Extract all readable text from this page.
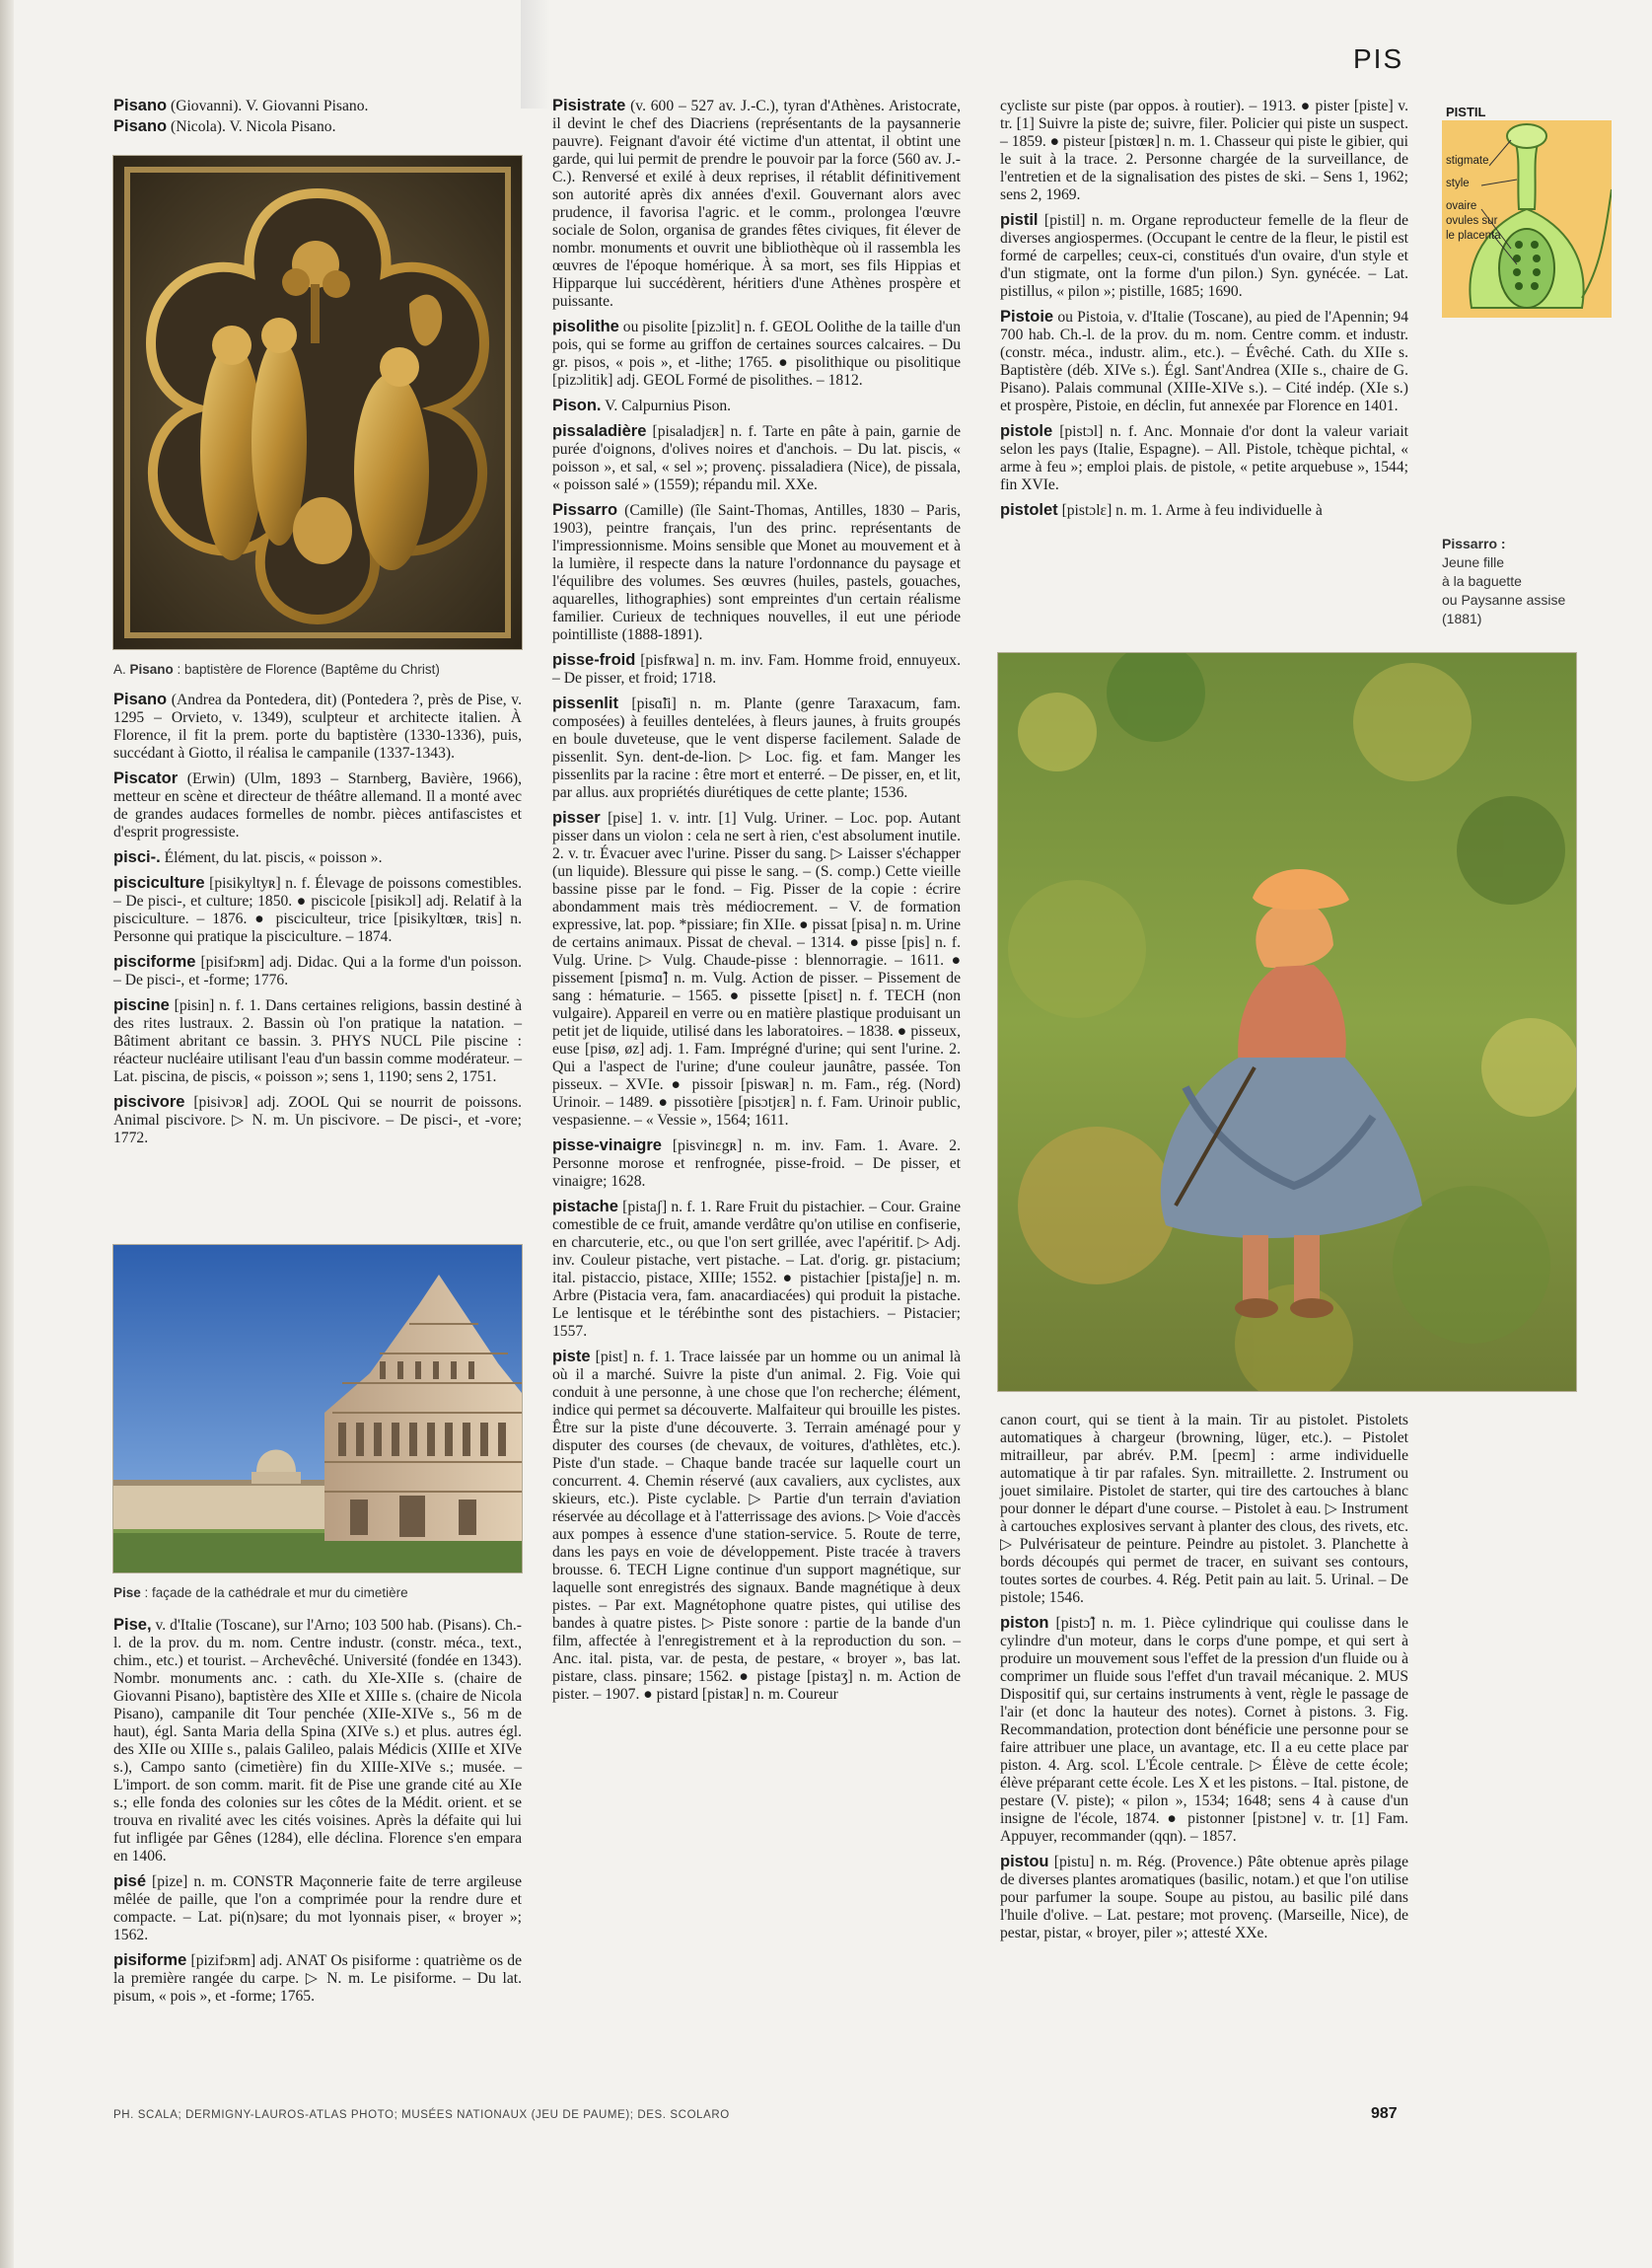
PIS

Pisano (Giovanni). V. Giovanni Pisano.

Pisano (Nicola). V. Nicola Pisano.

A. Pisano : baptistère de Florence (Baptême du Christ)

Pisano (Andrea da Pontedera, dit) (Pontedera ?, près de Pise, v. 1295 – Orvieto, v. 1349), sculpteur et architecte italien. À Florence, il fit la prem. porte du baptistère (1330-1336), puis, succédant à Giotto, il réalisa le campanile (1337-1343).

Piscator (Erwin) (Ulm, 1893 – Starnberg, Bavière, 1966), metteur en scène et directeur de théâtre allemand. Il a monté avec de grandes audaces formelles de nombr. pièces antifascistes et d'esprit progressiste.

pisci-. Élément, du lat. piscis, « poisson ».

pisciculture [pisikyltyʀ] n. f. Élevage de poissons comestibles. – De pisci-, et culture; 1850. ● piscicole [pisikɔl] adj. Relatif à la pisciculture. – 1876. ● pisciculteur, trice [pisikyltœʀ, tʀis] n. Personne qui pratique la pisciculture. – 1874.

pisciforme [pisifɔʀm] adj. Didac. Qui a la forme d'un poisson. – De pisci-, et -forme; 1776.

piscine [pisin] n. f. 1. Dans certaines religions, bassin destiné à des rites lustraux. 2. Bassin où l'on pratique la natation. – Bâtiment abritant ce bassin. 3. PHYS NUCL Pile piscine : réacteur nucléaire utilisant l'eau d'un bassin comme modérateur. – Lat. piscina, de piscis, « poisson »; sens 1, 1190; sens 2, 1751.

piscivore [pisivɔʀ] adj. ZOOL Qui se nourrit de poissons. Animal piscivore. ▷ N. m. Un piscivore. – De pisci-, et -vore; 1772.

Pise : façade de la cathédrale et mur du cimetière

Pise, v. d'Italie (Toscane), sur l'Arno; 103 500 hab. (Pisans). Ch.-l. de la prov. du m. nom. Centre industr. (constr. méca., text., chim., etc.) et tourist. – Archevêché. Université (fondée en 1343). Nombr. monuments anc. : cath. du XIe-XIIe s. (chaire de Giovanni Pisano), baptistère des XIIe et XIIIe s. (chaire de Nicola Pisano), campanile dit Tour penchée (XIIe-XIVe s., 56 m de haut), égl. Santa Maria della Spina (XIVe s.) et plus. autres égl. des XIIe ou XIIIe s., palais Galileo, palais Médicis (XIIIe et XIVe s.), Campo santo (cimetière) fin du XIIIe-XIVe s.; musée. – L'import. de son comm. marit. fit de Pise une grande cité au XIe s.; elle fonda des colonies sur les côtes de la Médit. orient. et se trouva en rivalité avec les cités voisines. Après la défaite qui lui fut infligée par Gênes (1284), elle déclina. Florence s'en empara en 1406.

pisé [pize] n. m. CONSTR Maçonnerie faite de terre argileuse mêlée de paille, que l'on a comprimée pour la rendre dure et compacte. – Lat. pi(n)sare; du mot lyonnais piser, « broyer »; 1562.

pisiforme [pizifɔʀm] adj. ANAT Os pisiforme : quatrième os de la première rangée du carpe. ▷ N. m. Le pisiforme. – Du lat. pisum, « pois », et -forme; 1765.

Pisistrate (v. 600 – 527 av. J.-C.), tyran d'Athènes. Aristocrate, il devint le chef des Diacriens (représentants de la paysannerie pauvre). Feignant d'avoir été victime d'un attentat, il obtint une garde, qui lui permit de prendre le pouvoir par la force (560 av. J.-C.). Renversé et exilé à deux reprises, il rétablit définitivement son autorité après dix années d'exil. Gouvernant alors avec prudence, il favorisa l'agric. et le comm., prolongea l'œuvre sociale de Solon, organisa de grandes fêtes civiques, fit élever de nombr. monuments et ouvrit une bibliothèque où il rassembla les œuvres de l'époque homérique. À sa mort, ses fils Hippias et Hipparque lui succédèrent, héritiers d'une Athènes prospère et puissante.

pisolithe ou pisolite [pizɔlit] n. f. GEOL Oolithe de la taille d'un pois, qui se forme au griffon de certaines sources calcaires. – Du gr. pisos, « pois », et -lithe; 1765. ● pisolithique ou pisolitique [pizɔlitik] adj. GEOL Formé de pisolithes. – 1812.

Pison. V. Calpurnius Pison.

pissaladière [pisaladjɛʀ] n. f. Tarte en pâte à pain, garnie de purée d'oignons, d'olives noires et d'anchois. – Du lat. piscis, « poisson », et sal, « sel »; provenç. pissaladiera (Nice), de pissala, « poisson salé » (1559); répandu mil. XXe.

Pissarro (Camille) (île Saint-Thomas, Antilles, 1830 – Paris, 1903), peintre français, l'un des princ. représentants de l'impressionnisme. Moins sensible que Monet au mouvement et à la lumière, il respecte dans la nature l'ordonnance du paysage et l'équilibre des volumes. Ses œuvres (huiles, pastels, gouaches, aquarelles, lithographies) sont empreintes d'un certain réalisme familier. Curieux de techniques nouvelles, il eut une période pointilliste (1888-1891).

pisse-froid [pisfʀwa] n. m. inv. Fam. Homme froid, ennuyeux. – De pisser, et froid; 1718.

pissenlit [pisɑ̃li] n. m. Plante (genre Taraxacum, fam. composées) à feuilles dentelées, à fleurs jaunes, à fruits groupés en boule duveteuse, que le vent disperse facilement. Salade de pissenlit. Syn. dent-de-lion. ▷ Loc. fig. et fam. Manger les pissenlits par la racine : être mort et enterré. – De pisser, en, et lit, par allus. aux propriétés diurétiques de cette plante; 1536.

pisser [pise] 1. v. intr. [1] Vulg. Uriner. – Loc. pop. Autant pisser dans un violon : cela ne sert à rien, c'est absolument inutile. 2. v. tr. Évacuer avec l'urine. Pisser du sang. ▷ Laisser s'échapper (un liquide). Blessure qui pisse le sang. – (S. comp.) Cette vieille bassine pisse par le fond. – Fig. Pisser de la copie : écrire abondamment mais très médiocrement. – V. de formation expressive, lat. pop. *pissiare; fin XIIe. ● pissat [pisa] n. m. Urine de certains animaux. Pissat de cheval. – 1314. ● pisse [pis] n. f. Vulg. Urine. ▷ Vulg. Chaude-pisse : blennorragie. – 1611. ● pissement [pismɑ̃] n. m. Vulg. Action de pisser. – Pissement de sang : hématurie. – 1565. ● pissette [pisɛt] n. f. TECH (non vulgaire). Appareil en verre ou en matière plastique produisant un petit jet de liquide, utilisé dans les laboratoires. – 1838. ● pisseux, euse [pisø, øz] adj. 1. Fam. Imprégné d'urine; qui sent l'urine. 2. Qui a l'aspect de l'urine; d'une couleur jaunâtre, passée. Ton pisseux. – XVIe. ● pissoir [piswaʀ] n. m. Fam., rég. (Nord) Urinoir. – 1489. ● pissotière [pisɔtjɛʀ] n. f. Fam. Urinoir public, vespasienne. – « Vessie », 1564; 1611.

pisse-vinaigre [pisvinɛgʀ] n. m. inv. Fam. 1. Avare. 2. Personne morose et renfrognée, pisse-froid. – De pisser, et vinaigre; 1628.

pistache [pistaʃ] n. f. 1. Rare Fruit du pistachier. – Cour. Graine comestible de ce fruit, amande verdâtre qu'on utilise en confiserie, en charcuterie, etc., ou que l'on sert grillée, avec l'apéritif. ▷ Adj. inv. Couleur pistache, vert pistache. – Lat. d'orig. gr. pistacium; ital. pistaccio, pistace, XIIIe; 1552. ● pistachier [pistaʃje] n. m. Arbre (Pistacia vera, fam. anacardiacées) qui produit la pistache. Le lentisque et le térébinthe sont des pistachiers. – Pistacier; 1557.

piste [pist] n. f. 1. Trace laissée par un homme ou un animal là où il a marché. Suivre la piste d'un animal. 2. Fig. Voie qui conduit à une personne, à une chose que l'on recherche; élément, indice qui permet sa découverte. Malfaiteur qui brouille les pistes. Être sur la piste d'une découverte. 3. Terrain aménagé pour y disputer des courses (de chevaux, de voitures, d'athlètes, etc.). Piste d'un stade. – Chaque bande tracée sur laquelle court un concurrent. 4. Chemin réservé (aux cavaliers, aux cyclistes, aux skieurs, etc.). Piste cyclable. ▷ Partie d'un terrain d'aviation réservée au décollage et à l'atterrissage des avions. ▷ Voie d'accès aux pompes à essence d'une station-service. 5. Route de terre, dans les pays en voie de développement. Piste tracée à travers brousse. 6. TECH Ligne continue d'un support magnétique, sur laquelle sont enregistrés des signaux. Bande magnétique à deux pistes. – Par ext. Magnétophone quatre pistes, qui utilise des bandes à quatre pistes. ▷ Piste sonore : partie de la bande d'un film, affectée à l'enregistrement et à la reproduction du son. – Anc. ital. pista, var. de pesta, de pestare, « broyer », bas lat. pistare, class. pinsare; 1562. ● pistage [pistaʒ] n. m. Action de pister. – 1907. ● pistard [pistaʀ] n. m. Coureur

cycliste sur piste (par oppos. à routier). – 1913. ● pister [piste] v. tr. [1] Suivre la piste de; suivre, filer. Policier qui piste un suspect. – 1859. ● pisteur [pistœʀ] n. m. 1. Chasseur qui piste le gibier, qui le suit à la trace. 2. Personne chargée de la surveillance, de l'entretien et de la signalisation des pistes de ski. – Sens 1, 1962; sens 2, 1969.

pistil [pistil] n. m. Organe reproducteur femelle de la fleur de diverses angiospermes. (Occupant le centre de la fleur, le pistil est formé de carpelles; ceux-ci, constitués d'un ovaire, d'un style et d'un stigmate, ont la forme d'un pilon.) Syn. gynécée. – Lat. pistillus, « pilon »; pistille, 1685; 1690.

Pistoie ou Pistoia, v. d'Italie (Toscane), au pied de l'Apennin; 94 700 hab. Ch.-l. de la prov. du m. nom. Centre comm. et industr. (constr. méca., industr. alim., etc.). – Évêché. Cath. du XIIe s. Baptistère (déb. XIVe s.). Égl. Sant'Andrea (XIIe s., chaire de G. Pisano). Palais communal (XIIIe-XIVe s.). – Cité indép. (XIe s.) et prospère, Pistoie, en déclin, fut annexée par Florence en 1401.

pistole [pistɔl] n. f. Anc. Monnaie d'or dont la valeur variait selon les pays (Italie, Espagne). – All. Pistole, tchèque pichtal, « arme à feu »; emploi plais. de pistole, « petite arquebuse », 1544; fin XVIe.

pistolet [pistɔlɛ] n. m. 1. Arme à feu individuelle à

canon court, qui se tient à la main. Tir au pistolet. Pistolets automatiques à chargeur (browning, lüger, etc.). – Pistolet mitrailleur, par abrév. P.M. [peɛm] : arme individuelle automatique à tir par rafales. Syn. mitraillette. 2. Instrument ou jouet similaire. Pistolet de starter, qui tire des cartouches à blanc pour donner le départ d'une course. – Pistolet à eau. ▷ Instrument à cartouches explosives servant à planter des clous, des rivets, etc. ▷ Pulvérisateur de peinture. Peindre au pistolet. 3. Planchette à bords découpés qui permet de tracer, en suivant ses contours, toutes sortes de courbes. 4. Rég. Petit pain au lait. 5. Urinal. – De pistole; 1546.

piston [pistɔ̃] n. m. 1. Pièce cylindrique qui coulisse dans le cylindre d'un moteur, dans le corps d'une pompe, et qui sert à produire un mouvement sous l'effet de la pression d'un fluide ou à comprimer un fluide sous l'effet d'un travail mécanique. 2. MUS Dispositif qui, sur certains instruments à vent, règle le passage de l'air (et donc la hauteur des notes). Cornet à pistons. 3. Fig. Recommandation, protection dont bénéficie une personne pour se faire attribuer une place, un avantage, etc. Il a eu cette place par piston. 4. Arg. scol. L'École centrale. ▷ Élève de cette école; élève préparant cette école. Les X et les pistons. – Ital. pistone, de pestare (V. piste); « pilon », 1534; 1648; sens 4 à cause d'un insigne de l'école, 1874. ● pistonner [pistɔne] v. tr. [1] Fam. Appuyer, recommander (qqn). – 1857.

pistou [pistu] n. m. Rég. (Provence.) Pâte obtenue après pilage de diverses plantes aromatiques (basilic, notam.) et que l'on utilise pour parfumer la soupe. Soupe au pistou, au basilic pilé dans l'huile d'olive. – Lat. pestare; mot provenç. (Marseille, Nice), de pestar, pistar, « broyer, piler »; attesté XXe.

PISTIL
stigmate
style
ovaire
ovules sur
le placenta
Pissarro :
Jeune fille
à la baguette
ou Paysanne assise
(1881)
PH. SCALA; DERMIGNY-LAUROS-ATLAS PHOTO; MUSÉES NATIONAUX (JEU DE PAUME); DES. SCOLARO	987
